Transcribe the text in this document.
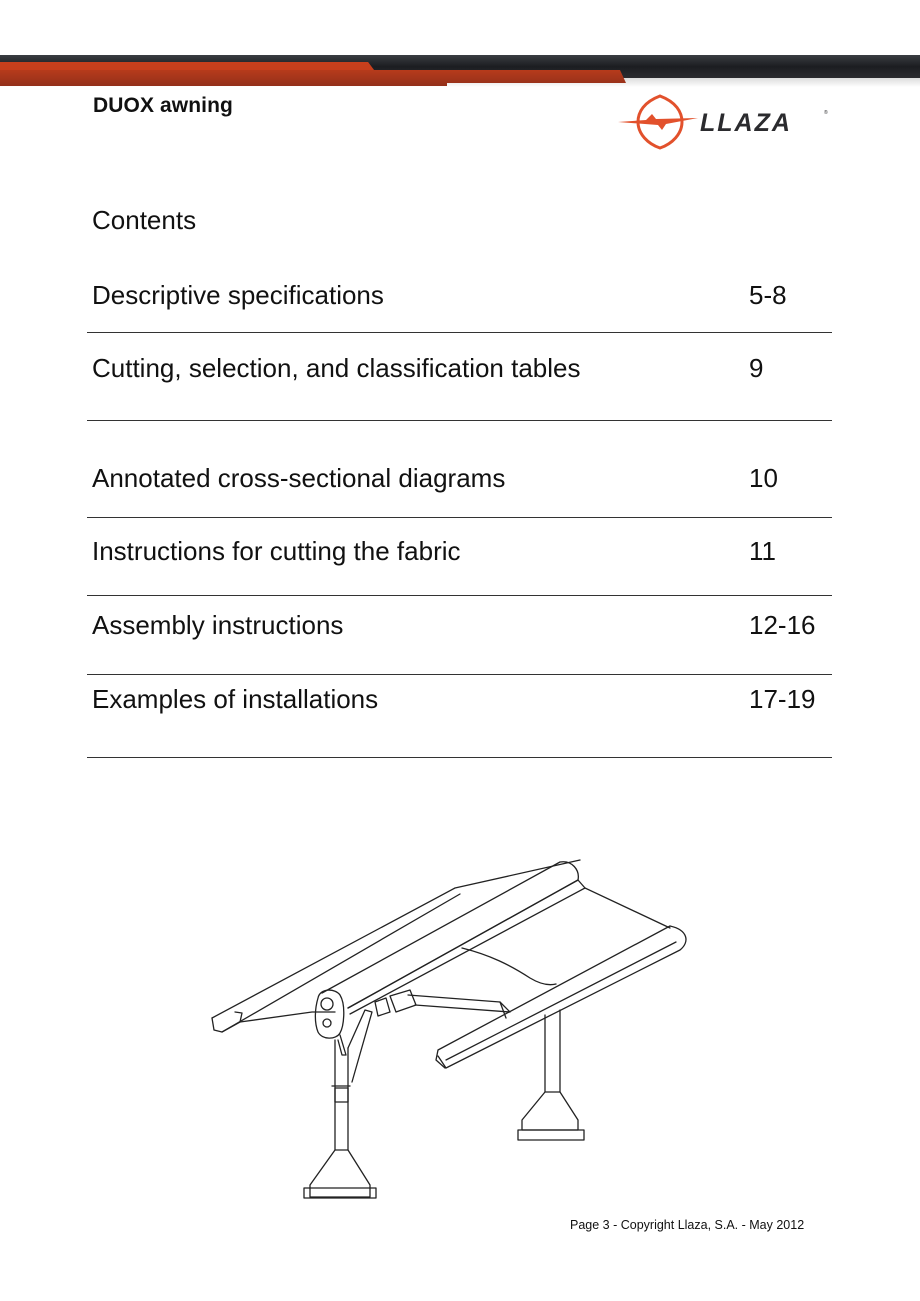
DUOX awning
LLAZA	®
Contents
Descriptive specifications	5-8
Cutting, selection, and classification tables	9
Annotated cross-sectional diagrams	10
Instructions for cutting the fabric	11
Assembly instructions	12-16
Examples of installations	17-19
Page 3 - Copyright Llaza, S.A. - May 2012
